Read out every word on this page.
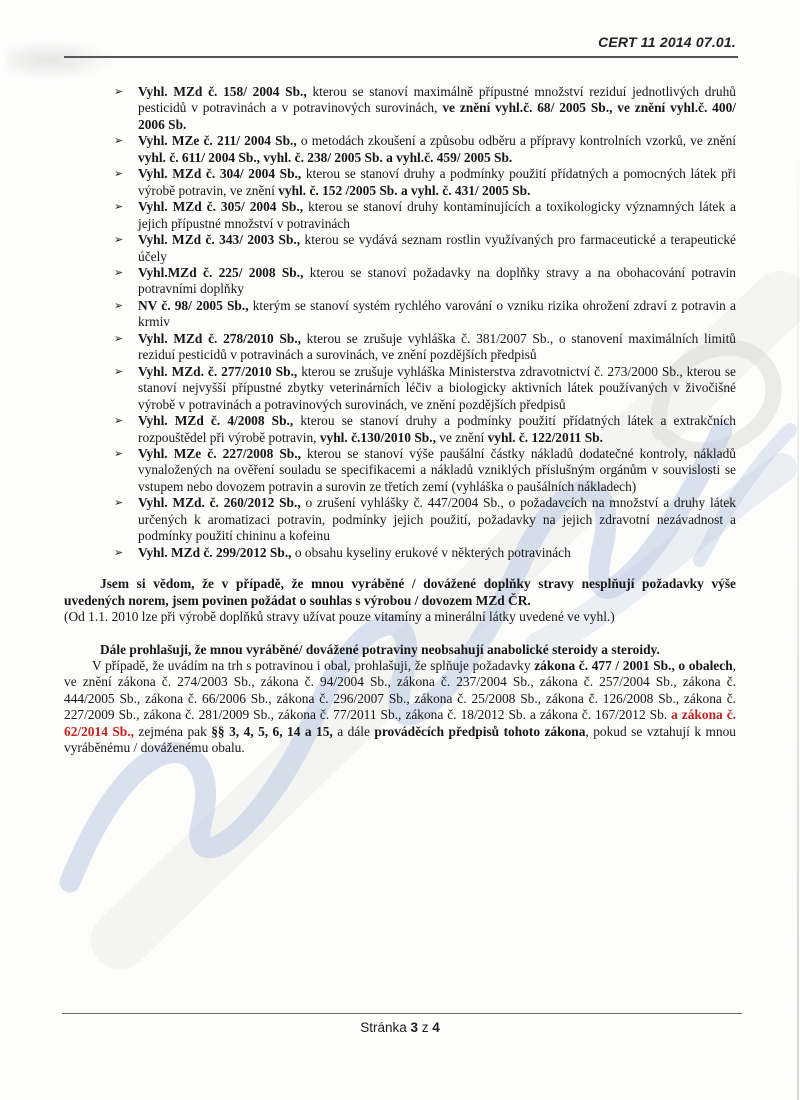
CERT 11 2014 07.01.
➢ Vyhl. MZd č. 158/ 2004 Sb., kterou se stanoví maximálně přípustné množství reziduí jednotlivých druhů pesticidů v potravinách a v potravinových surovinách, ve znění vyhl.č. 68/ 2005 Sb., ve znění vyhl.č. 400/ 2006 Sb.
➢ Vyhl. MZe č. 211/ 2004 Sb., o metodách zkoušení a způsobu odběru a přípravy kontrolních vzorků, ve znění vyhl. č. 611/ 2004 Sb., vyhl. č. 238/ 2005 Sb. a vyhl.č. 459/ 2005 Sb.
➢ Vyhl. MZd č. 304/ 2004 Sb., kterou se stanoví druhy a podmínky použití přídatných a pomocných látek při výrobě potravin, ve znění vyhl. č. 152 /2005 Sb. a vyhl. č. 431/ 2005 Sb.
➢ Vyhl. MZd č. 305/ 2004 Sb., kterou se stanoví druhy kontaminujících a toxikologicky významných látek a jejich přípustné množství v potravinách
➢ Vyhl. MZd č. 343/ 2003 Sb., kterou se vydává seznam rostlin využívaných pro farmaceutické a terapeutické účely
➢ Vyhl.MZd č. 225/ 2008 Sb., kterou se stanoví požadavky na doplňky stravy a na obohacování potravin potravními doplňky
➢ NV č. 98/ 2005 Sb., kterým se stanoví systém rychlého varování o vzniku rizika ohrožení zdraví z potravin a krmiv
➢ Vyhl. MZd č. 278/2010 Sb., kterou se zrušuje vyhláška č. 381/2007 Sb., o stanovení maximálních limitů reziduí pesticidů v potravinách a surovinách, ve znění pozdějších předpisů
➢ Vyhl. MZd. č. 277/2010 Sb., kterou se zrušuje vyhláška Ministerstva zdravotnictví č. 273/2000 Sb., kterou se stanoví nejvyšší přípustné zbytky veterinárních léčiv a biologicky aktivních látek používaných v živočišné výrobě v potravinách a potravinových surovinách, ve znění pozdějších předpisů
➢ Vyhl. MZd č. 4/2008 Sb., kterou se stanoví druhy a podmínky použití přídatných látek a extrakčních rozpouštědel při výrobě potravin, vyhl. č.130/2010 Sb., ve znění vyhl. č. 122/2011 Sb.
➢ Vyhl. MZe č. 227/2008 Sb., kterou se stanoví výše paušální částky nákladů dodatečné kontroly, nákladů vynaložených na ověření souladu se specifikacemi a nákladů vzniklých příslušným orgánům v souvislosti se vstupem nebo dovozem potravin a surovin ze třetích zemí (vyhláška o paušálních nákladech)
➢ Vyhl. MZd. č. 260/2012 Sb., o zrušení vyhlášky č. 447/2004 Sb., o požadavcích na množství a druhy látek určených k aromatizaci potravin, podmínky jejich použití, požadavky na jejich zdravotní nezávadnost a podmínky použití chininu a kofeinu
➢ Vyhl. MZd č. 299/2012 Sb., o obsahu kyseliny erukové v některých potravinách

Jsem si vědom, že v případě, že mnou vyráběné / dovážené doplňky stravy nesplňují požadavky výše uvedených norem, jsem povinen požádat o souhlas s výrobou / dovozem MZd ČR.

(Od 1.1. 2010 lze při výrobě doplňků stravy užívat pouze vitamíny a minerální látky uvedené ve vyhl.)

Dále prohlašuji, že mnou vyráběné/ dovážené potraviny neobsahují anabolické steroidy a steroidy.

V případě, že uvádím na trh s potravinou i obal, prohlašuji, že splňuje požadavky zákona č. 477 / 2001 Sb., o obalech, ve znění zákona č. 274/2003 Sb., zákona č. 94/2004 Sb., zákona č. 237/2004 Sb., zákona č. 257/2004 Sb., zákona č. 444/2005 Sb., zákona č. 66/2006 Sb., zákona č. 296/2007 Sb., zákona č. 25/2008 Sb., zákona č. 126/2008 Sb., zákona č. 227/2009 Sb., zákona č. 281/2009 Sb., zákona č. 77/2011 Sb., zákona č. 18/2012 Sb. a zákona č. 167/2012 Sb. a zákona č. 62/2014 Sb., zejména pak §§ 3, 4, 5, 6, 14 a 15, a dále prováděcích předpisů tohoto zákona, pokud se vztahují k mnou vyráběnému / dováženému obalu.

Stránka 3 z 4
